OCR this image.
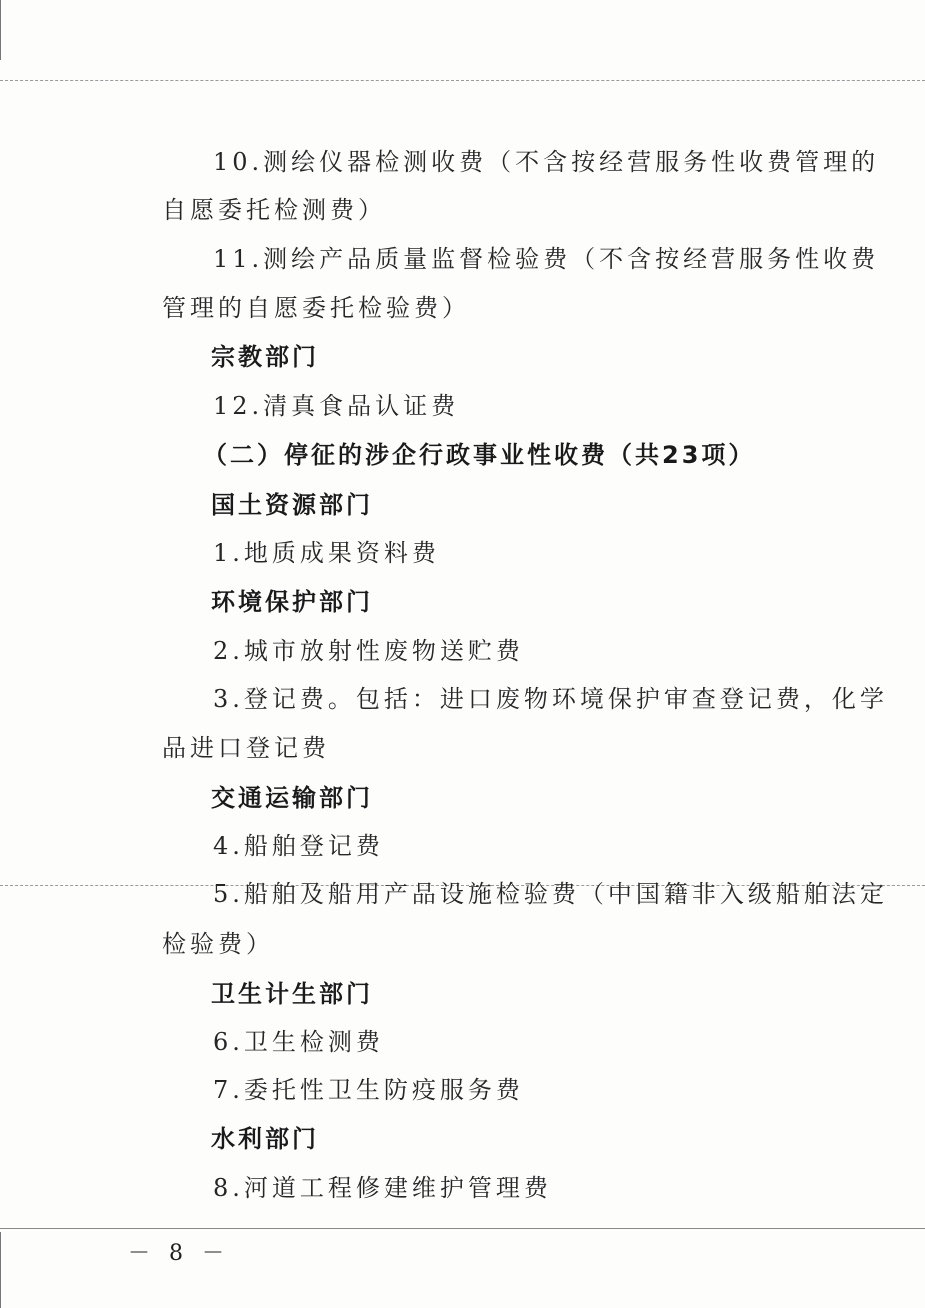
10.测绘仪器检测收费（不含按经营服务性收费管理的
自愿委托检测费）
11.测绘产品质量监督检验费（不含按经营服务性收费
管理的自愿委托检验费）
宗教部门
12.清真食品认证费
（二）停征的涉企行政事业性收费（共23项）
国土资源部门
1.地质成果资料费
环境保护部门
2.城市放射性废物送贮费
3.登记费。包括：进口废物环境保护审查登记费，化学
品进口登记费
交通运输部门
4.船舶登记费
5.船舶及船用产品设施检验费（中国籍非入级船舶法定
检验费）
卫生计生部门
6.卫生检测费
7.委托性卫生防疫服务费
水利部门
8.河道工程修建维护管理费
－ 8 －
